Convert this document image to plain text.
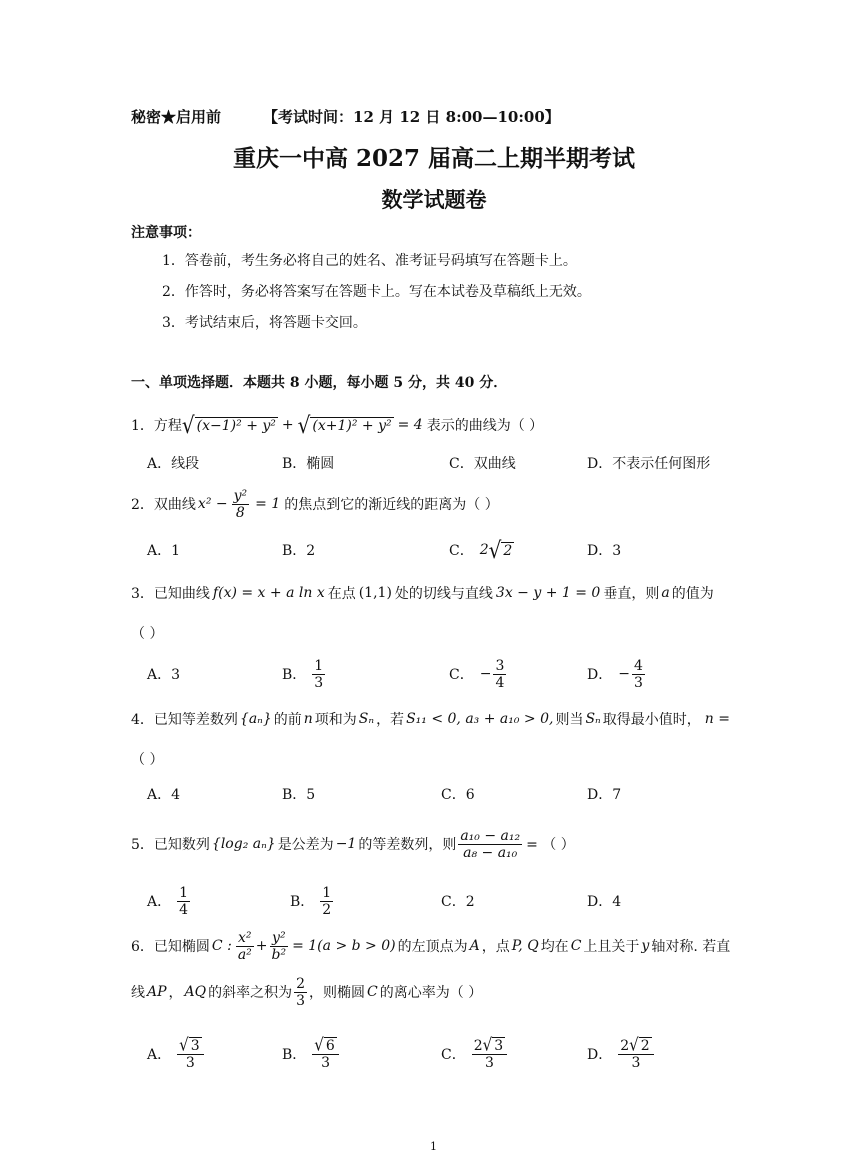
秘密★启用前	【考试时间：12 月 12 日 8:00—10:00】
重庆一中高 2027 届高二上期半期考试
数学试题卷
注意事项：
1．答卷前，考生务必将自己的姓名、准考证号码填写在答题卡上。
2．作答时，务必将答案写在答题卡上。写在本试卷及草稿纸上无效。
3．考试结束后，将答题卡交回。
一、单项选择题．本题共 8 小题，每小题 5 分，共 40 分．
1．方程 √ (x−1)² + y² + √ (x+1)² + y² = 4 表示的曲线为（ ）
A．线段	B．椭圆	C．双曲线	D．不表示任何图形
2．双曲线 $x^2 - \frac{\text{y²}}{8} = 1$ 的焦点到它的渐近线的距离为（ ）
A．1	B．2	C． 2 √ 2	D．3
3．已知曲线 f(x) = x + a ln x 在点 (1,1) 处的切线与直线 3x − y + 1 = 0 垂直，则 a 的值为
（ ）
A．3	B． $\frac{1}{3}$	C． − $\frac{3}{4}$	D． − $\frac{4}{3}$
4．已知等差数列 {aₙ} 的前 n 项和为 Sₙ ，若 S₁₁ < 0, a₃ + a₁₀ > 0, 则当 Sₙ 取得最小值时， n =
（ ）
A．4	B．5	C．6	D．7
5．已知数列 {log₂ aₙ} 是公差为 −1 的等差数列，则 $\frac{\text{a₁₀ − a₁₂}}{\text{a₈ − a₁₀}}$ = （ ）
A． $\frac{1}{4}$	B． $\frac{1}{2}$	C．2	D．4
6．已知椭圆 C : $\frac{\text{x²}}{\text{a²}} + \frac{\text{y²}}{\text{b²}} = 1(a > b > 0)$ 的左顶点为 A ，点 P, Q 均在 C 上且关于 y 轴对称. 若直
线 AP ， AQ 的斜率之积为 $\frac{2}{3}$ ，则椭圆 C 的离心率为（ ）
A． $\frac{√ 3}{3}$	B． $\frac{√ 6}{3}$	C． $\frac{2 √ 3}{3}$	D． $\frac{2 √ 2}{3}$
1
